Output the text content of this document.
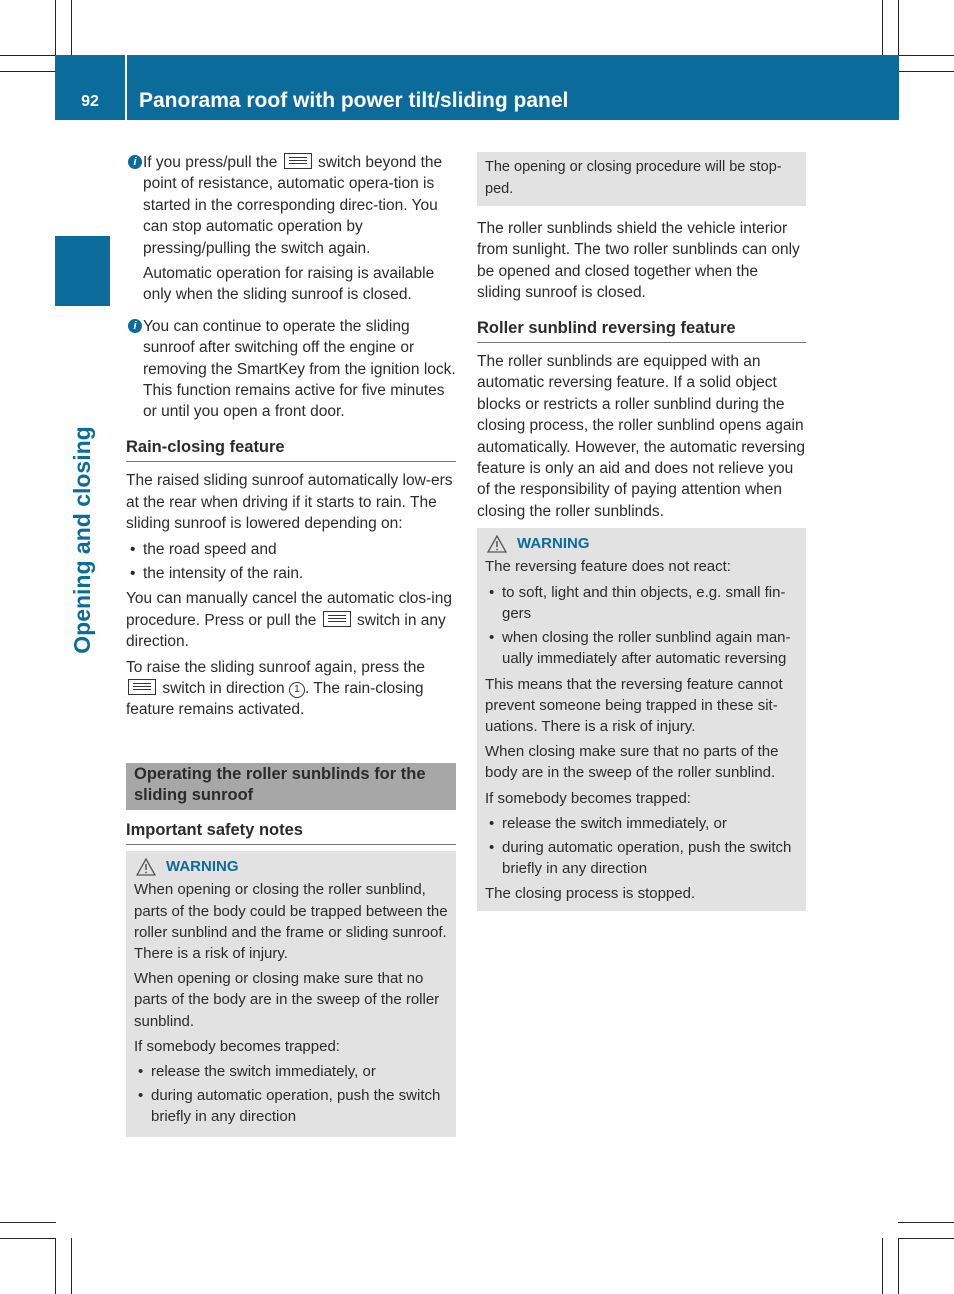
92	Panorama roof with power tilt/sliding panel
Opening and closing
i If you press/pull the	switch beyond the point of resistance, automatic opera-tion is started in the corresponding direc-tion. You can stop automatic operation by pressing/pulling the switch again.

Automatic operation for raising is available only when the sliding sunroof is closed.

i You can continue to operate the sliding sunroof after switching off the engine or removing the SmartKey from the ignition lock. This function remains active for five minutes or until you open a front door.

Rain-closing feature

The raised sliding sunroof automatically low-ers at the rear when driving if it starts to rain. The sliding sunroof is lowered depending on:

• the road speed and
• the intensity of the rain.

You can manually cancel the automatic clos-ing procedure. Press or pull the	switch in any direction.

To raise the sliding sunroof again, press the  switch in direction 1 . The rain-closing feature remains activated.

Operating the roller sunblinds for the sliding sunroof
Important safety notes
WARNING

When opening or closing the roller sunblind, parts of the body could be trapped between the roller sunblind and the frame or sliding sunroof. There is a risk of injury.

When opening or closing make sure that no parts of the body are in the sweep of the roller sunblind.

If somebody becomes trapped:

• release the switch immediately, or
• during automatic operation, push the switch briefly in any direction
The opening or closing procedure will be stop-ped.

The roller sunblinds shield the vehicle interior from sunlight. The two roller sunblinds can only be opened and closed together when the sliding sunroof is closed.

Roller sunblind reversing feature

The roller sunblinds are equipped with an automatic reversing feature. If a solid object blocks or restricts a roller sunblind during the closing process, the roller sunblind opens again automatically. However, the automatic reversing feature is only an aid and does not relieve you of the responsibility of paying attention when closing the roller sunblinds.

WARNING

The reversing feature does not react:

• to soft, light and thin objects, e.g. small fin-gers
• when closing the roller sunblind again man-ually immediately after automatic reversing

This means that the reversing feature cannot prevent someone being trapped in these sit-uations. There is a risk of injury.

When closing make sure that no parts of the body are in the sweep of the roller sunblind.

If somebody becomes trapped:

• release the switch immediately, or
• during automatic operation, push the switch briefly in any direction

The closing process is stopped.
